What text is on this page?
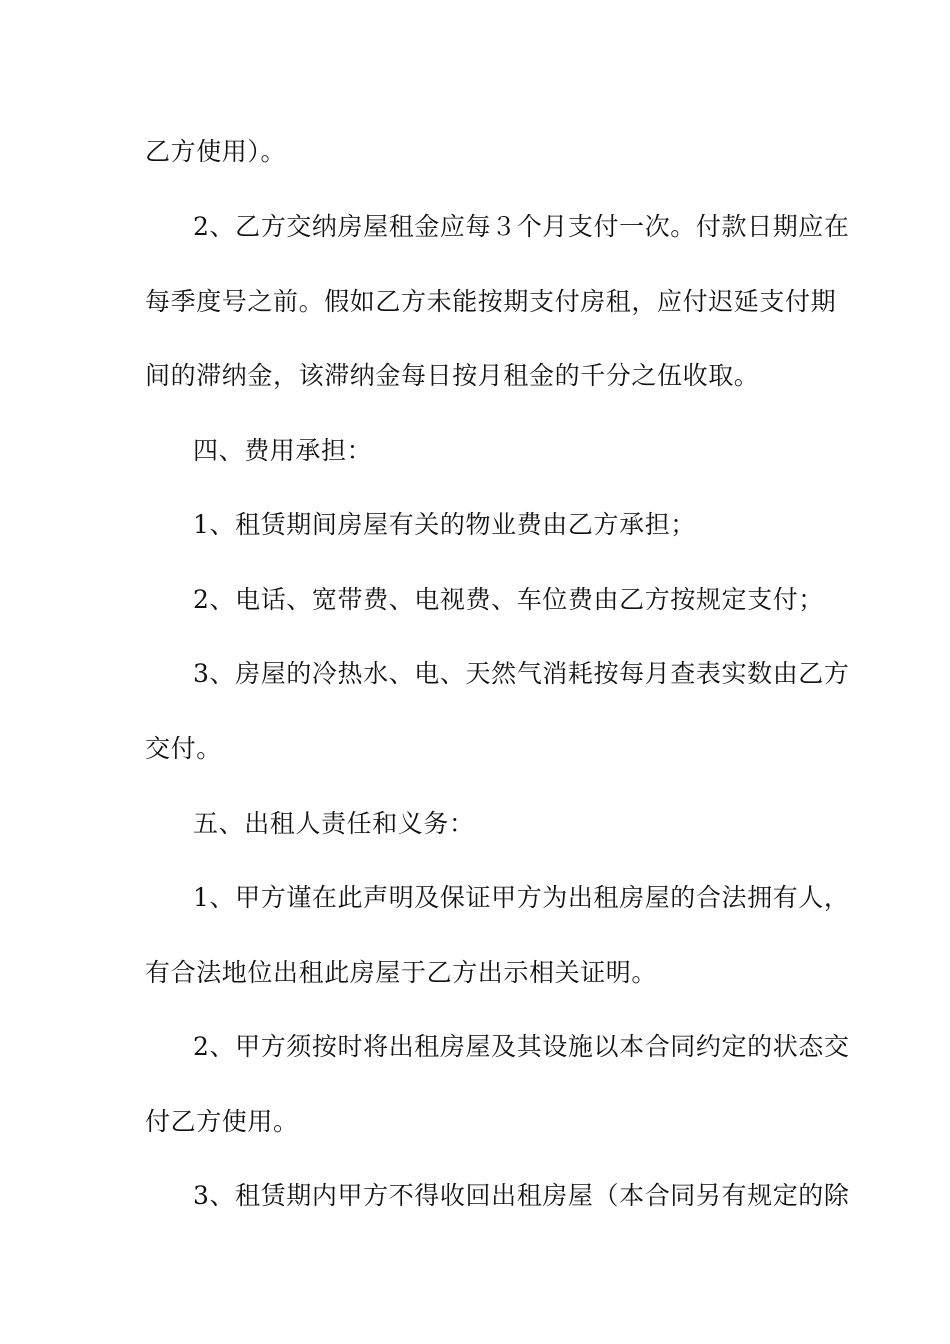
乙方使用）。
2、乙方交纳房屋租金应每３个月支付一次。付款日期应在
每季度号之前。假如乙方未能按期支付房租，应付迟延支付期
间的滞纳金，该滞纳金每日按月租金的千分之伍收取。
四、费用承担：
1、租赁期间房屋有关的物业费由乙方承担；
2、电话、宽带费、电视费、车位费由乙方按规定支付；
3、房屋的冷热水、电、天然气消耗按每月查表实数由乙方
交付。
五、出租人责任和义务：
1、甲方谨在此声明及保证甲方为出租房屋的合法拥有人，
有合法地位出租此房屋于乙方出示相关证明。
2、甲方须按时将出租房屋及其设施以本合同约定的状态交
付乙方使用。
3、租赁期内甲方不得收回出租房屋（本合同另有规定的除
